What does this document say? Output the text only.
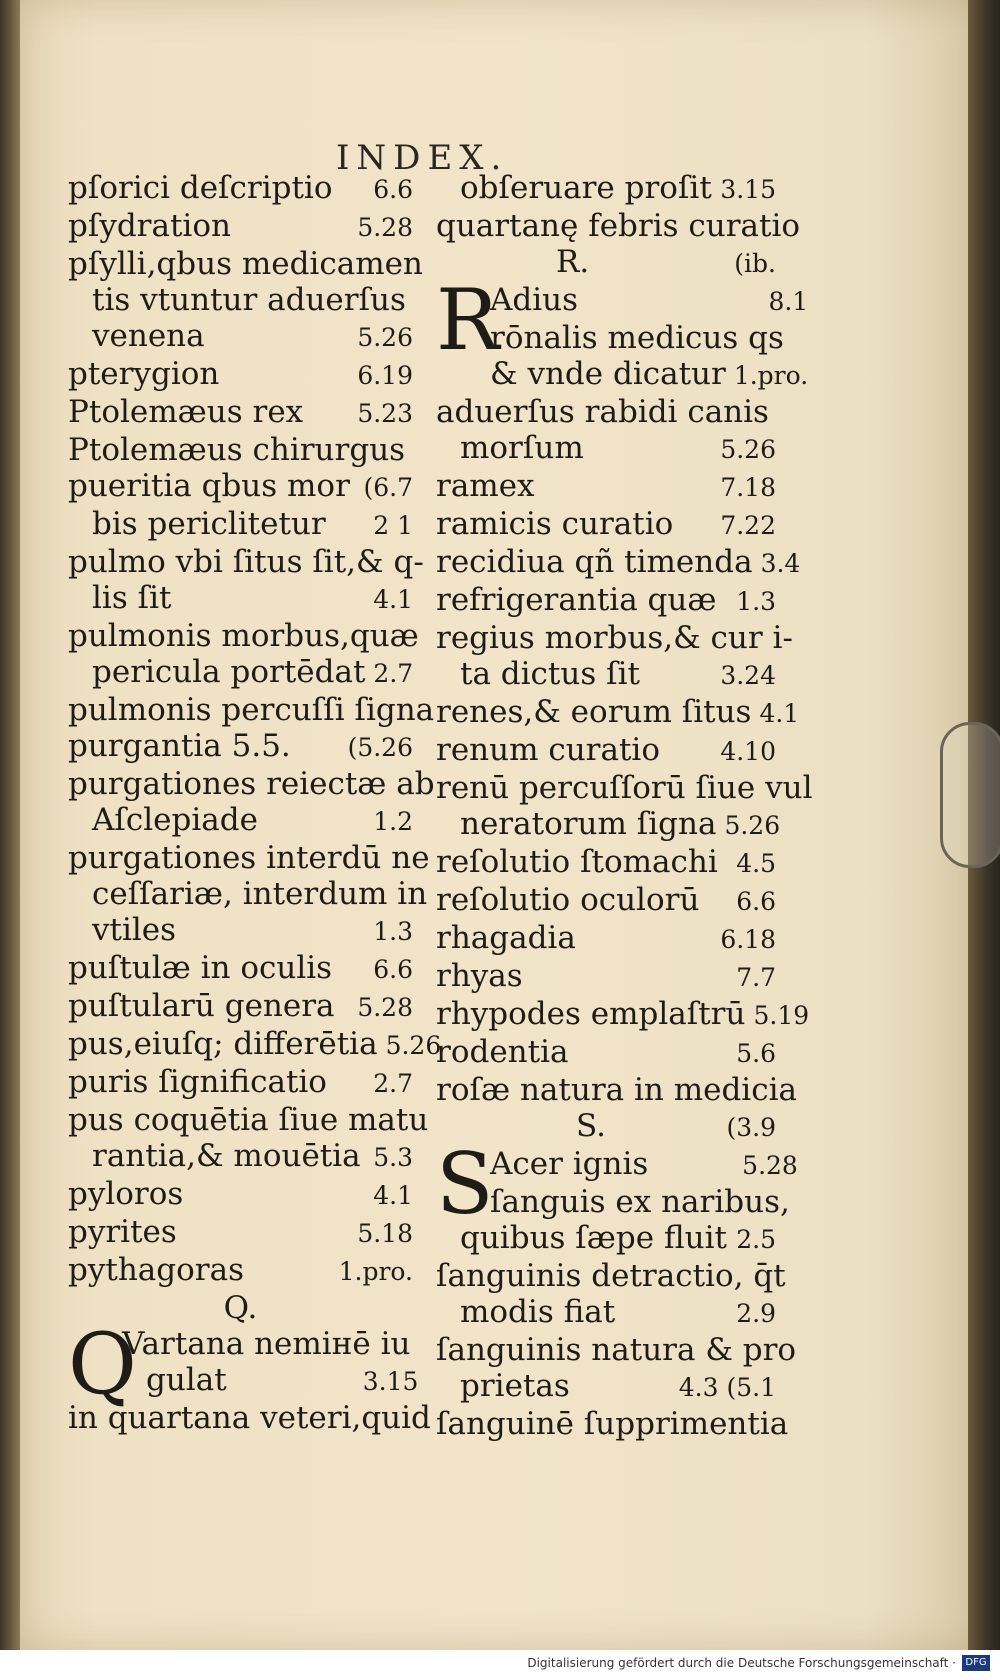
INDEX.
pſorici deſcriptio 6.6
pſydration	5.28
pſylli,qbus medicamen
tis vtuntur aduerſus
venena	5.26
pterygion	6.19
Ptolemæus rex 5.23
Ptolemæus chirurgus
pueritia qbus mor (6.7
bis periclitetur 2 1
pulmo vbi ſitus ſit,& q-
lis ſit	4.1
pulmonis morbus,quæ
pericula portēdat 2.7
pulmonis percuſſi ſigna
purgantia 5.5. (5.26
purgationes reiectæ ab
Aſclepiade	1.2
purgationes interdū ne
ceſſariæ, interdum in
vtiles	1.3
puſtulæ in oculis 6.6
puſtularū genera 5.28
pus,eiuſq; differētia 5.26
puris ſignificatio 2.7
pus coquētia ſiue matu
rantia,& mouētia 5.3
pyloros	4.1
pyrites	5.18
pythagoras	1.pro.
Q.
Q
Vartana nemінē iu
gulat	3.15
in quartana veteri,quid
obſeruare proſit 3.15
quartanę febris curatio
R.	(ib.
R
Adius	8.1
rōnalis medicus qs
& vnde dicatur 1.pro.
aduerſus rabidi canis
morſum	5.26
ramex	7.18
ramicis curatio 7.22
recidiua qñ timenda 3.4
refrigerantia quæ 1.3
regius morbus,& cur i-
ta dictus ſit	3.24
renes,& eorum ſitus 4.1
renum curatio 4.10
renū percuſſorū ſiue vul
neratorum ſigna 5.26
reſolutio ſtomachi 4.5
reſolutio oculorū 6.6
rhagadia	6.18
rhyas	7.7
rhypodes emplaſtrū 5.19
rodentia	5.6
roſæ natura in medicia
S.	(3.9
S
Acer ignis	5.28
ſanguis ex naribus,
quibus ſæpe fluit 2.5
ſanguinis detractio, q̄t
modis fiat	2.9
ſanguinis natura & pro
prietas	4.3 (5.1
ſanguinē ſupprimentia
Digitalisierung gefördert durch die Deutsche Forschungsgemeinschaft · DFG
